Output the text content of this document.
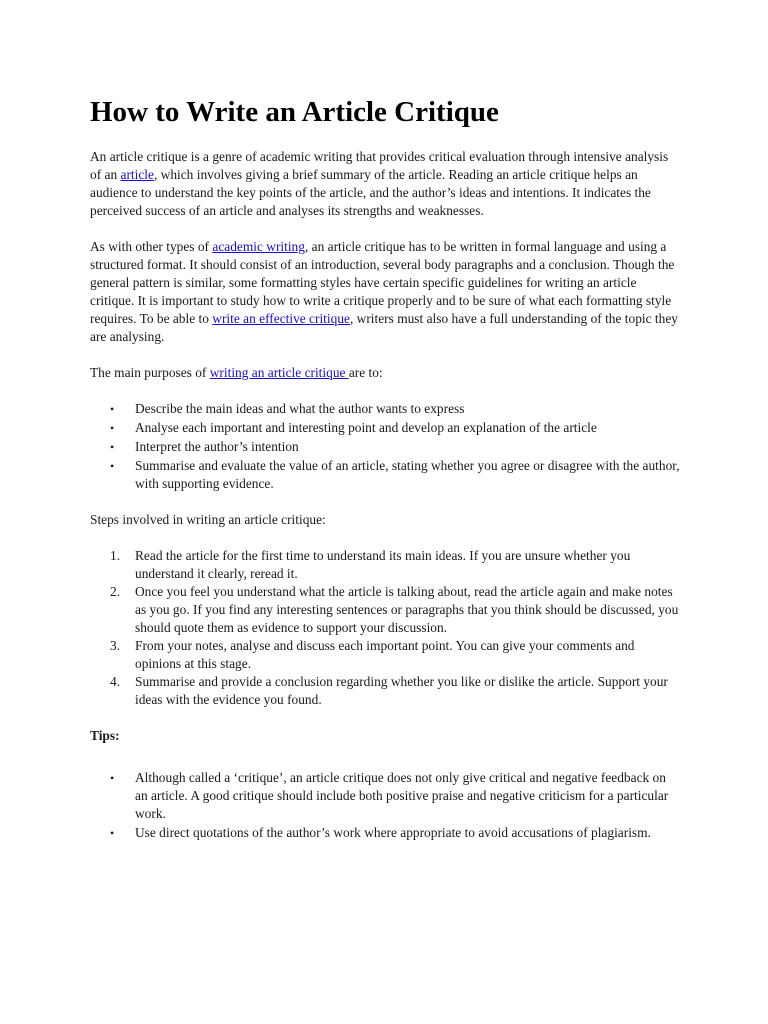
How to Write an Article Critique

An article critique is a genre of academic writing that provides critical evaluation through intensive analysis of an article, which involves giving a brief summary of the article. Reading an article critique helps an audience to understand the key points of the article, and the author’s ideas and intentions. It indicates the perceived success of an article and analyses its strengths and weaknesses.

As with other types of academic writing, an article critique has to be written in formal language and using a structured format. It should consist of an introduction, several body paragraphs and a conclusion. Though the general pattern is similar, some formatting styles have certain specific guidelines for writing an article critique. It is important to study how to write a critique properly and to be sure of what each formatting style requires. To be able to write an effective critique, writers must also have a full understanding of the topic they are analysing.

The main purposes of writing an article critique are to:

• Describe the main ideas and what the author wants to express
• Analyse each important and interesting point and develop an explanation of the article
• Interpret the author’s intention
• Summarise and evaluate the value of an article, stating whether you agree or disagree with the author, with supporting evidence.

Steps involved in writing an article critique:

1. Read the article for the first time to understand its main ideas. If you are unsure whether you understand it clearly, reread it.
2. Once you feel you understand what the article is talking about, read the article again and make notes as you go. If you find any interesting sentences or paragraphs that you think should be discussed, you should quote them as evidence to support your discussion.
3. From your notes, analyse and discuss each important point. You can give your comments and opinions at this stage.
4. Summarise and provide a conclusion regarding whether you like or dislike the article. Support your ideas with the evidence you found.
Tips:
• Although called a ‘critique’, an article critique does not only give critical and negative feedback on an article. A good critique should include both positive praise and negative criticism for a particular work.
• Use direct quotations of the author’s work where appropriate to avoid accusations of plagiarism.
